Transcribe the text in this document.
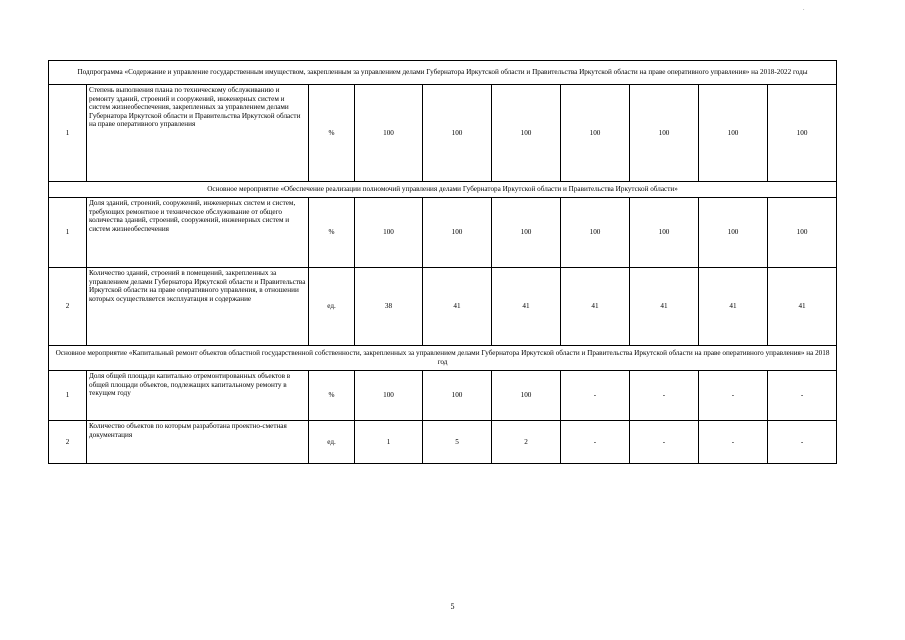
.
Подпрограмма «Содержание и управление государственным имуществом, закрепленным за управлением делами Губернатора Иркутской области и Правительства Иркутской области на праве оперативного управления» на 2018-2022 годы									
1	Степень выполнения плана по техническому обслуживанию и ремонту зданий, строений и сооружений, инженерных систем и систем жизнеобеспечения, закрепленных за управлением делами Губернатора Иркутской области и Правительства Иркутской области на праве оперативного управления	%	100	100	100	100	100	100	100
Основное мероприятие «Обеспечение реализации полномочий управления делами Губернатора Иркутской области и Правительства Иркутской области»									
1	Доля зданий, строений, сооружений, инженерных систем и систем, требующих ремонтное и техническое обслуживание от общего количества зданий, строений, сооружений, инженерных систем и систем жизнеобеспечения	%	100	100	100	100	100	100	100
2	Количество зданий, строений в помещений, закрепленных за управлением делами Губернатора Иркутской области и Правительства Иркутской области на праве оперативного управления, в отношении которых осуществляется эксплуатация и содержание	ед.	38	41	41	41	41	41	41
Основное мероприятие «Капитальный ремонт объектов областной государственной собственности, закрепленных за управлением делами Губернатора Иркутской области и Правительства Иркутской области на праве оперативного управления» на 2018 год									
1	Доля общей площади капитально отремонтированных объектов в общей площади объектов, подлежащих капитальному ремонту в текущем году	%	100	100	100	-	-	-	-
2	Количество объектов по которым разработана проектно-сметная документация	ед.	1	5	2	-	-	-	-
5
